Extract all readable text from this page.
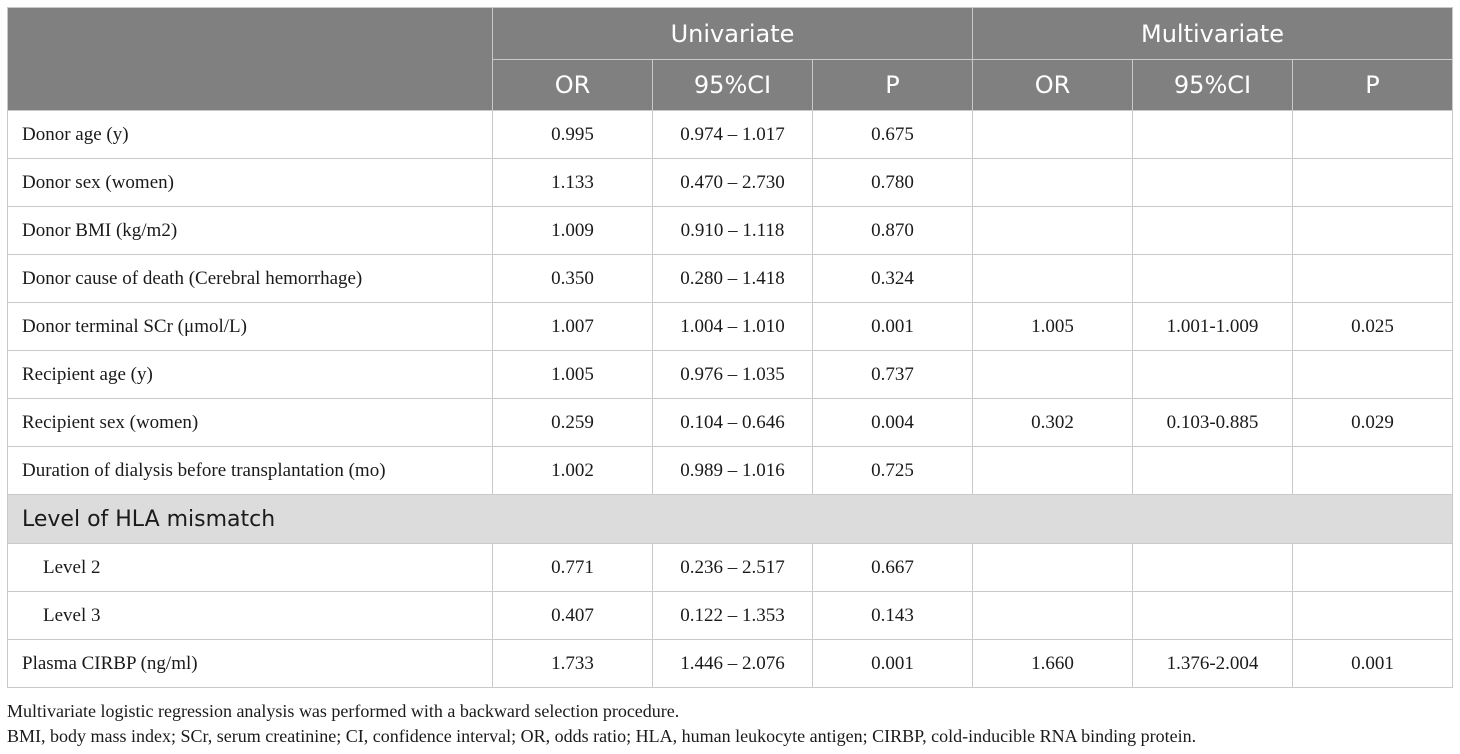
	Univariate			Multivariate		
	OR	95%CI	P	OR	95%CI	P
Donor age (y)	0.995	0.974 – 1.017	0.675			
Donor sex (women)	1.133	0.470 – 2.730	0.780			
Donor BMI (kg/m2)	1.009	0.910 – 1.118	0.870			
Donor cause of death (Cerebral hemorrhage)	0.350	0.280 – 1.418	0.324			
Donor terminal SCr (μmol/L)	1.007	1.004 – 1.010	0.001	1.005	1.001-1.009	0.025
Recipient age (y)	1.005	0.976 – 1.035	0.737			
Recipient sex (women)	0.259	0.104 – 0.646	0.004	0.302	0.103-0.885	0.029
Duration of dialysis before transplantation (mo)	1.002	0.989 – 1.016	0.725			
Level of HLA mismatch						
Level 2	0.771	0.236 – 2.517	0.667			
Level 3	0.407	0.122 – 1.353	0.143			
Plasma CIRBP (ng/ml)	1.733	1.446 – 2.076	0.001	1.660	1.376-2.004	0.001
Multivariate logistic regression analysis was performed with a backward selection procedure.
BMI, body mass index; SCr, serum creatinine; CI, confidence interval; OR, odds ratio; HLA, human leukocyte antigen; CIRBP, cold-inducible RNA binding protein.
